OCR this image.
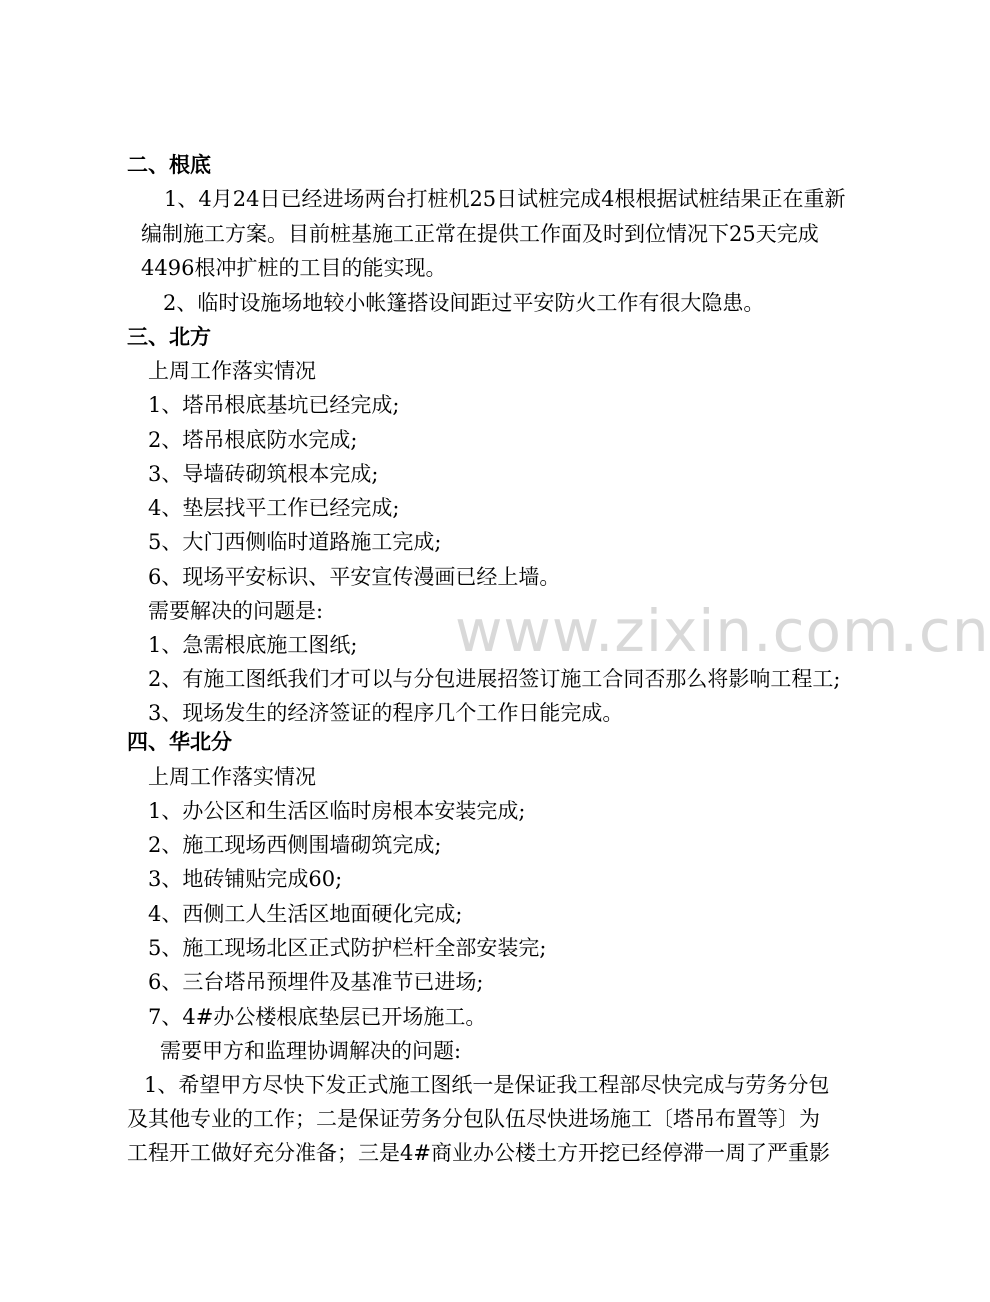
www.zixin.com.cn
二、根底
1、4月24日已经进场两台打桩机25日试桩完成4根根据试桩结果正在重新
编制施工方案。目前桩基施工正常在提供工作面及时到位情况下25天完成
4496根冲扩桩的工目的能实现。
2、临时设施场地较小帐篷搭设间距过平安防火工作有很大隐患。
三、北方
上周工作落实情况
1、塔吊根底基坑已经完成;
2、塔吊根底防水完成;
3、导墙砖砌筑根本完成;
4、垫层找平工作已经完成;
5、大门西侧临时道路施工完成;
6、现场平安标识、平安宣传漫画已经上墙。
需要解决的问题是:
1、急需根底施工图纸;
2、有施工图纸我们才可以与分包进展招签订施工合同否那么将影响工程工;
3、现场发生的经济签证的程序几个工作日能完成。
四、华北分
上周工作落实情况
1、办公区和生活区临时房根本安装完成;
2、施工现场西侧围墙砌筑完成;
3、地砖铺贴完成60;
4、西侧工人生活区地面硬化完成;
5、施工现场北区正式防护栏杆全部安装完;
6、三台塔吊预埋件及基准节已进场;
7、4#办公楼根底垫层已开场施工。
需要甲方和监理协调解决的问题:
1、希望甲方尽快下发正式施工图纸一是保证我工程部尽快完成与劳务分包
及其他专业的工作；二是保证劳务分包队伍尽快进场施工〔塔吊布置等〕为
工程开工做好充分准备；三是4#商业办公楼土方开挖已经停滞一周了严重影
